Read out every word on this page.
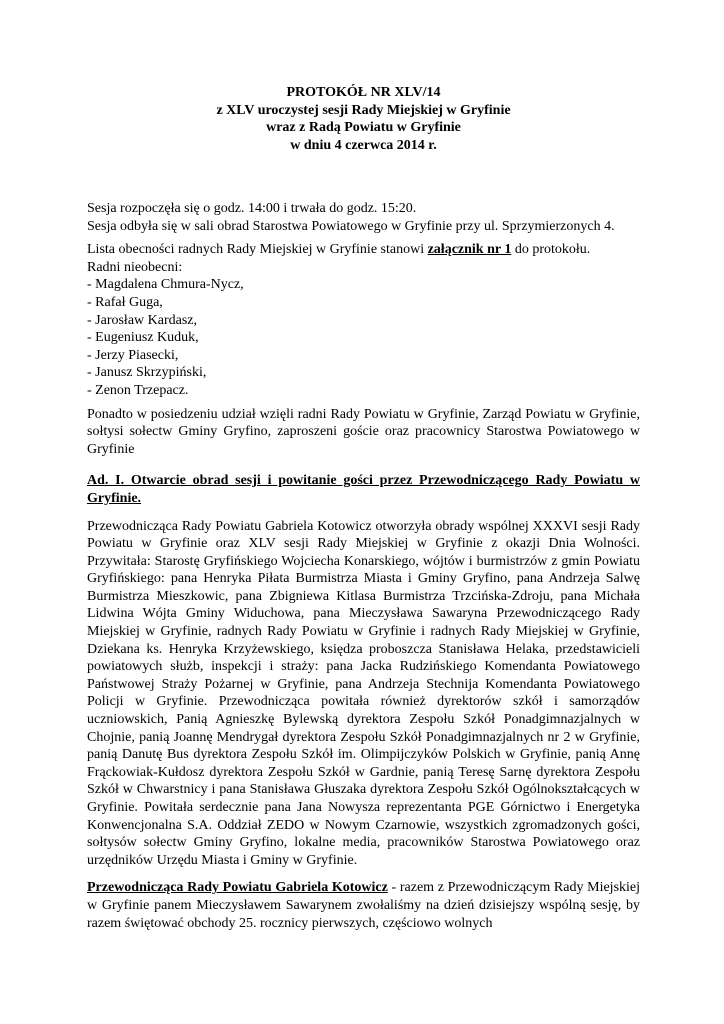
PROTOKÓŁ NR XLV/14
z XLV uroczystej sesji Rady Miejskiej w Gryfinie
wraz z Radą Powiatu w Gryfinie
w dniu 4 czerwca 2014 r.

Sesja rozpoczęła się o godz. 14:00 i trwała do godz. 15:20.

Sesja odbyła się w sali obrad Starostwa Powiatowego w Gryfinie przy ul. Sprzymierzonych 4.

Lista obecności radnych Rady Miejskiej w Gryfinie stanowi załącznik nr 1 do protokołu.

Radni nieobecni:

- Magdalena Chmura-Nycz,
- Rafał Guga,
- Jarosław Kardasz,
- Eugeniusz Kuduk,
- Jerzy Piasecki,
- Janusz Skrzypiński,
- Zenon Trzepacz.

Ponadto w posiedzeniu udział wzięli radni Rady Powiatu w Gryfinie, Zarząd Powiatu w Gryfinie, sołtysi sołectw Gminy Gryfino, zaproszeni goście oraz pracownicy Starostwa Powiatowego w Gryfinie

Ad. I. Otwarcie obrad sesji i powitanie gości przez Przewodniczącego Rady Powiatu w Gryfinie.

Przewodnicząca Rady Powiatu Gabriela Kotowicz otworzyła obrady wspólnej XXXVI sesji Rady Powiatu w Gryfinie oraz XLV sesji Rady Miejskiej w Gryfinie z okazji Dnia Wolności. Przywitała: Starostę Gryfińskiego Wojciecha Konarskiego, wójtów i burmistrzów z gmin Powiatu Gryfińskiego: pana Henryka Piłata Burmistrza Miasta i Gminy Gryfino, pana Andrzeja Salwę Burmistrza Mieszkowic, pana Zbigniewa Kitlasa Burmistrza Trzcińska-Zdroju, pana Michała Lidwina Wójta Gminy Widuchowa, pana Mieczysława Sawaryna Przewodniczącego Rady Miejskiej w Gryfinie, radnych Rady Powiatu w Gryfinie i radnych Rady Miejskiej w Gryfinie, Dziekana ks. Henryka Krzyżewskiego, księdza proboszcza Stanisława Helaka, przedstawicieli powiatowych służb, inspekcji i straży: pana Jacka Rudzińskiego Komendanta Powiatowego Państwowej Straży Pożarnej w Gryfinie, pana Andrzeja Stechnija Komendanta Powiatowego Policji w Gryfinie. Przewodnicząca powitała również dyrektorów szkół i samorządów uczniowskich, Panią Agnieszkę Bylewską dyrektora Zespołu Szkół Ponadgimnazjalnych w Chojnie, panią Joannę Mendrygał dyrektora Zespołu Szkół Ponadgimnazjalnych nr 2 w Gryfinie, panią Danutę Bus dyrektora Zespołu Szkół im. Olimpijczyków Polskich w Gryfinie, panią Annę Frąckowiak-Kułdosz dyrektora Zespołu Szkół w Gardnie, panią Teresę Sarnę dyrektora Zespołu Szkół w Chwarstnicy i pana Stanisława Głuszaka dyrektora Zespołu Szkół Ogólnokształcących w Gryfinie. Powitała serdecznie pana Jana Nowysza reprezentanta PGE Górnictwo i Energetyka Konwencjonalna S.A. Oddział ZEDO w Nowym Czarnowie, wszystkich zgromadzonych gości, sołtysów sołectw Gminy Gryfino, lokalne media, pracowników Starostwa Powiatowego oraz urzędników Urzędu Miasta i Gminy w Gryfinie.

Przewodnicząca Rady Powiatu Gabriela Kotowicz - razem z Przewodniczącym Rady Miejskiej w Gryfinie panem Mieczysławem Sawarynem zwołaliśmy na dzień dzisiejszy wspólną sesję, by razem świętować obchody 25. rocznicy pierwszych, częściowo wolnych
